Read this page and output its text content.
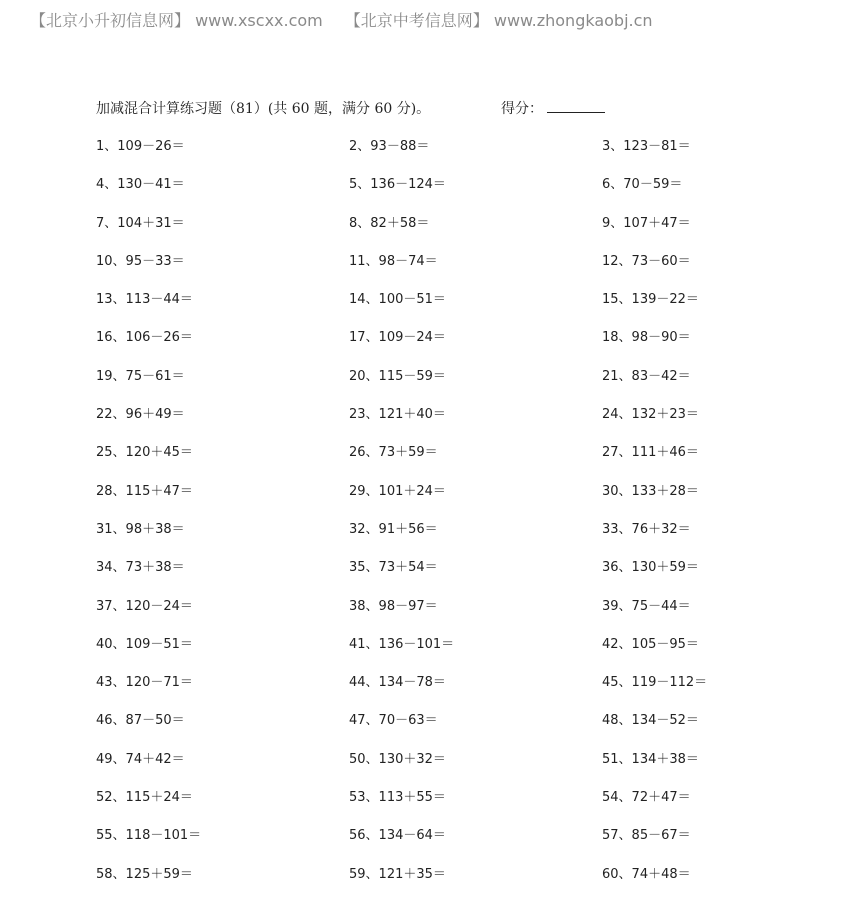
【北京小升初信息网】 www.xscxx.com 【北京中考信息网】 www.zhongkaobj.cn
加减混合计算练习题（81）(共 60 题，满分 60 分)。	得分：
1、109－26＝	2、93－88＝	3、123－81＝
4、130－41＝	5、136－124＝	6、70－59＝
7、104＋31＝	8、82＋58＝	9、107＋47＝
10、95－33＝	11、98－74＝	12、73－60＝
13、113－44＝	14、100－51＝	15、139－22＝
16、106－26＝	17、109－24＝	18、98－90＝
19、75－61＝	20、115－59＝	21、83－42＝
22、96＋49＝	23、121＋40＝	24、132＋23＝
25、120＋45＝	26、73＋59＝	27、111＋46＝
28、115＋47＝	29、101＋24＝	30、133＋28＝
31、98＋38＝	32、91＋56＝	33、76＋32＝
34、73＋38＝	35、73＋54＝	36、130＋59＝
37、120－24＝	38、98－97＝	39、75－44＝
40、109－51＝	41、136－101＝	42、105－95＝
43、120－71＝	44、134－78＝	45、119－112＝
46、87－50＝	47、70－63＝	48、134－52＝
49、74＋42＝	50、130＋32＝	51、134＋38＝
52、115＋24＝	53、113＋55＝	54、72＋47＝
55、118－101＝	56、134－64＝	57、85－67＝
58、125＋59＝	59、121＋35＝	60、74＋48＝
